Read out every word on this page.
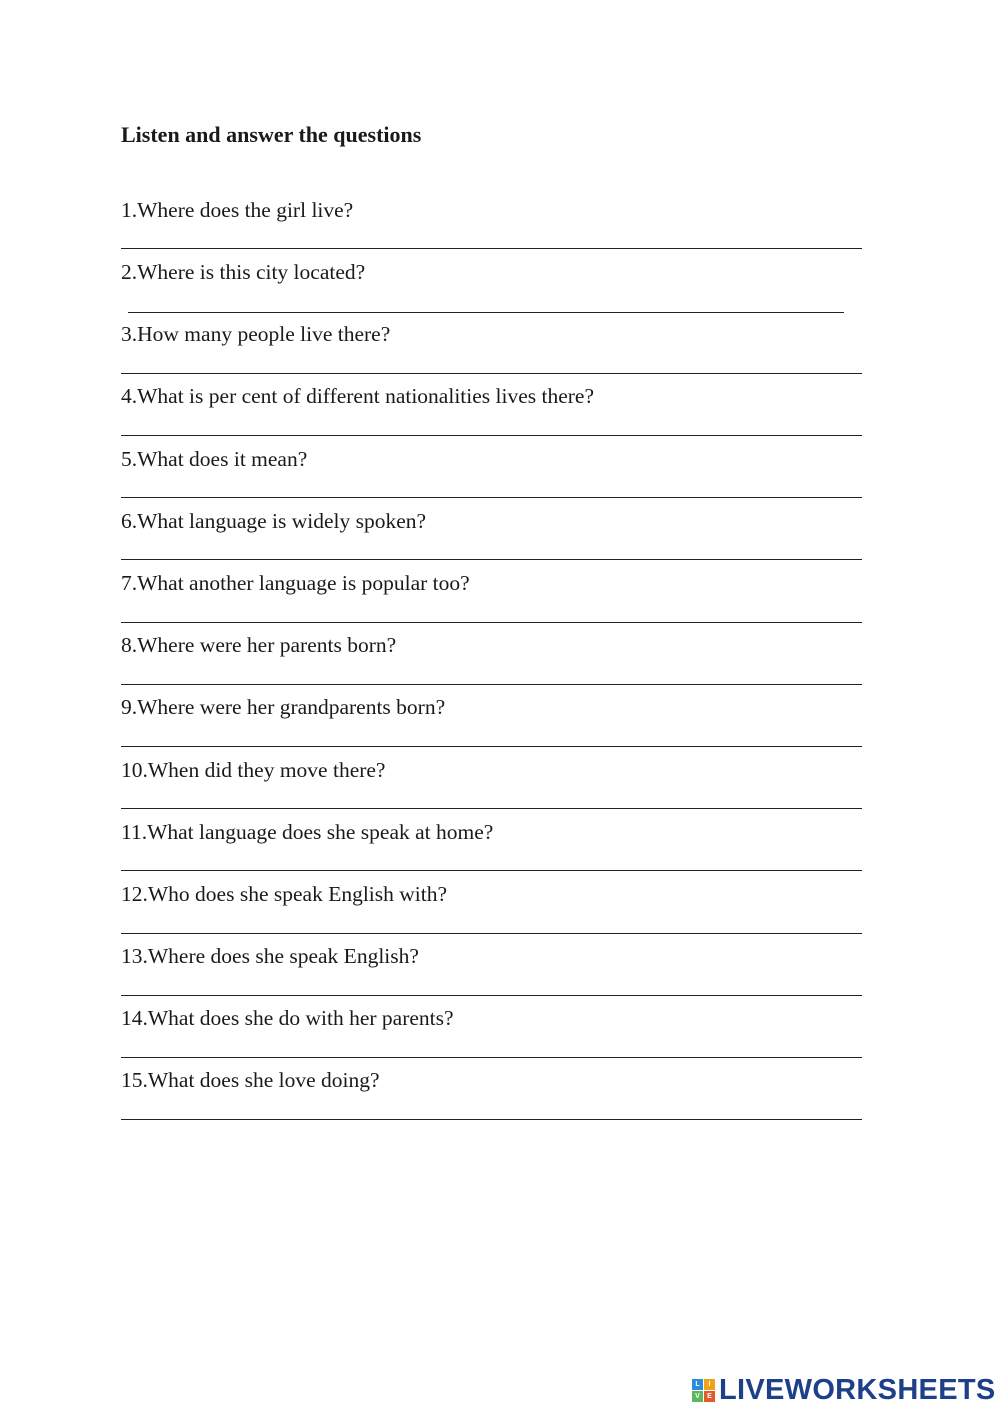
Listen and answer the questions
1.Where does the girl live?
2.Where is this city located?
3.How many people live there?
4.What is per cent of different nationalities lives there?
5.What does it mean?
6.What language is widely spoken?
7.What another language is popular too?
8.Where were her parents born?
9.Where were her grandparents born?
10.When did they move there?
11.What language does she speak at home?
12.Who does she speak English with?
13.Where does she speak English?
14.What does she do with her parents?
15.What does she love doing?
L	I
V	E LIVEWORKSHEETS
